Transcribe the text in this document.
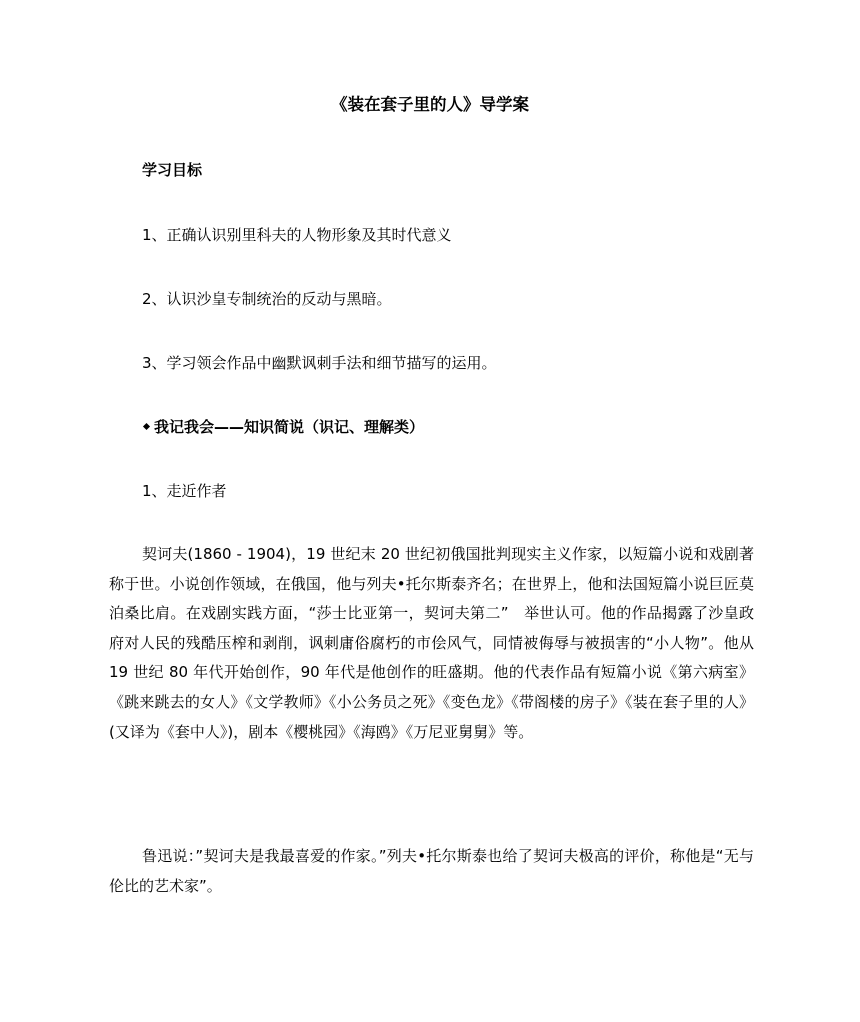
《装在套子里的人》导学案

学习目标

1、正确认识别里科夫的人物形象及其时代意义

2、认识沙皇专制统治的反动与黑暗。

3、学习领会作品中幽默讽刺手法和细节描写的运用。

我记我会——知识简说（识记、理解类）

1、走近作者

契诃夫(1860 - 1904)，19 世纪末 20 世纪初俄国批判现实主义作家，以短篇小说和戏剧著称于世。小说创作领域，在俄国，他与列夫•托尔斯泰齐名；在世界上，他和法国短篇小说巨匠莫泊桑比肩。在戏剧实践方面，“莎士比亚第一，契诃夫第二”　举世认可。他的作品揭露了沙皇政府对人民的残酷压榨和剥削，讽刺庸俗腐朽的市侩风气，同情被侮辱与被损害的“小人物”。他从 19 世纪 80 年代开始创作，90 年代是他创作的旺盛期。他的代表作品有短篇小说《第六病室》《跳来跳去的女人》《文学教师》《小公务员之死》《变色龙》《带阁楼的房子》《装在套子里的人》(又译为《套中人》)，剧本《樱桃园》《海鸥》《万尼亚舅舅》等。

鲁迅说：”契诃夫是我最喜爱的作家。”列夫•托尔斯泰也给了契诃夫极高的评价，称他是“无与伦比的艺术家”。
